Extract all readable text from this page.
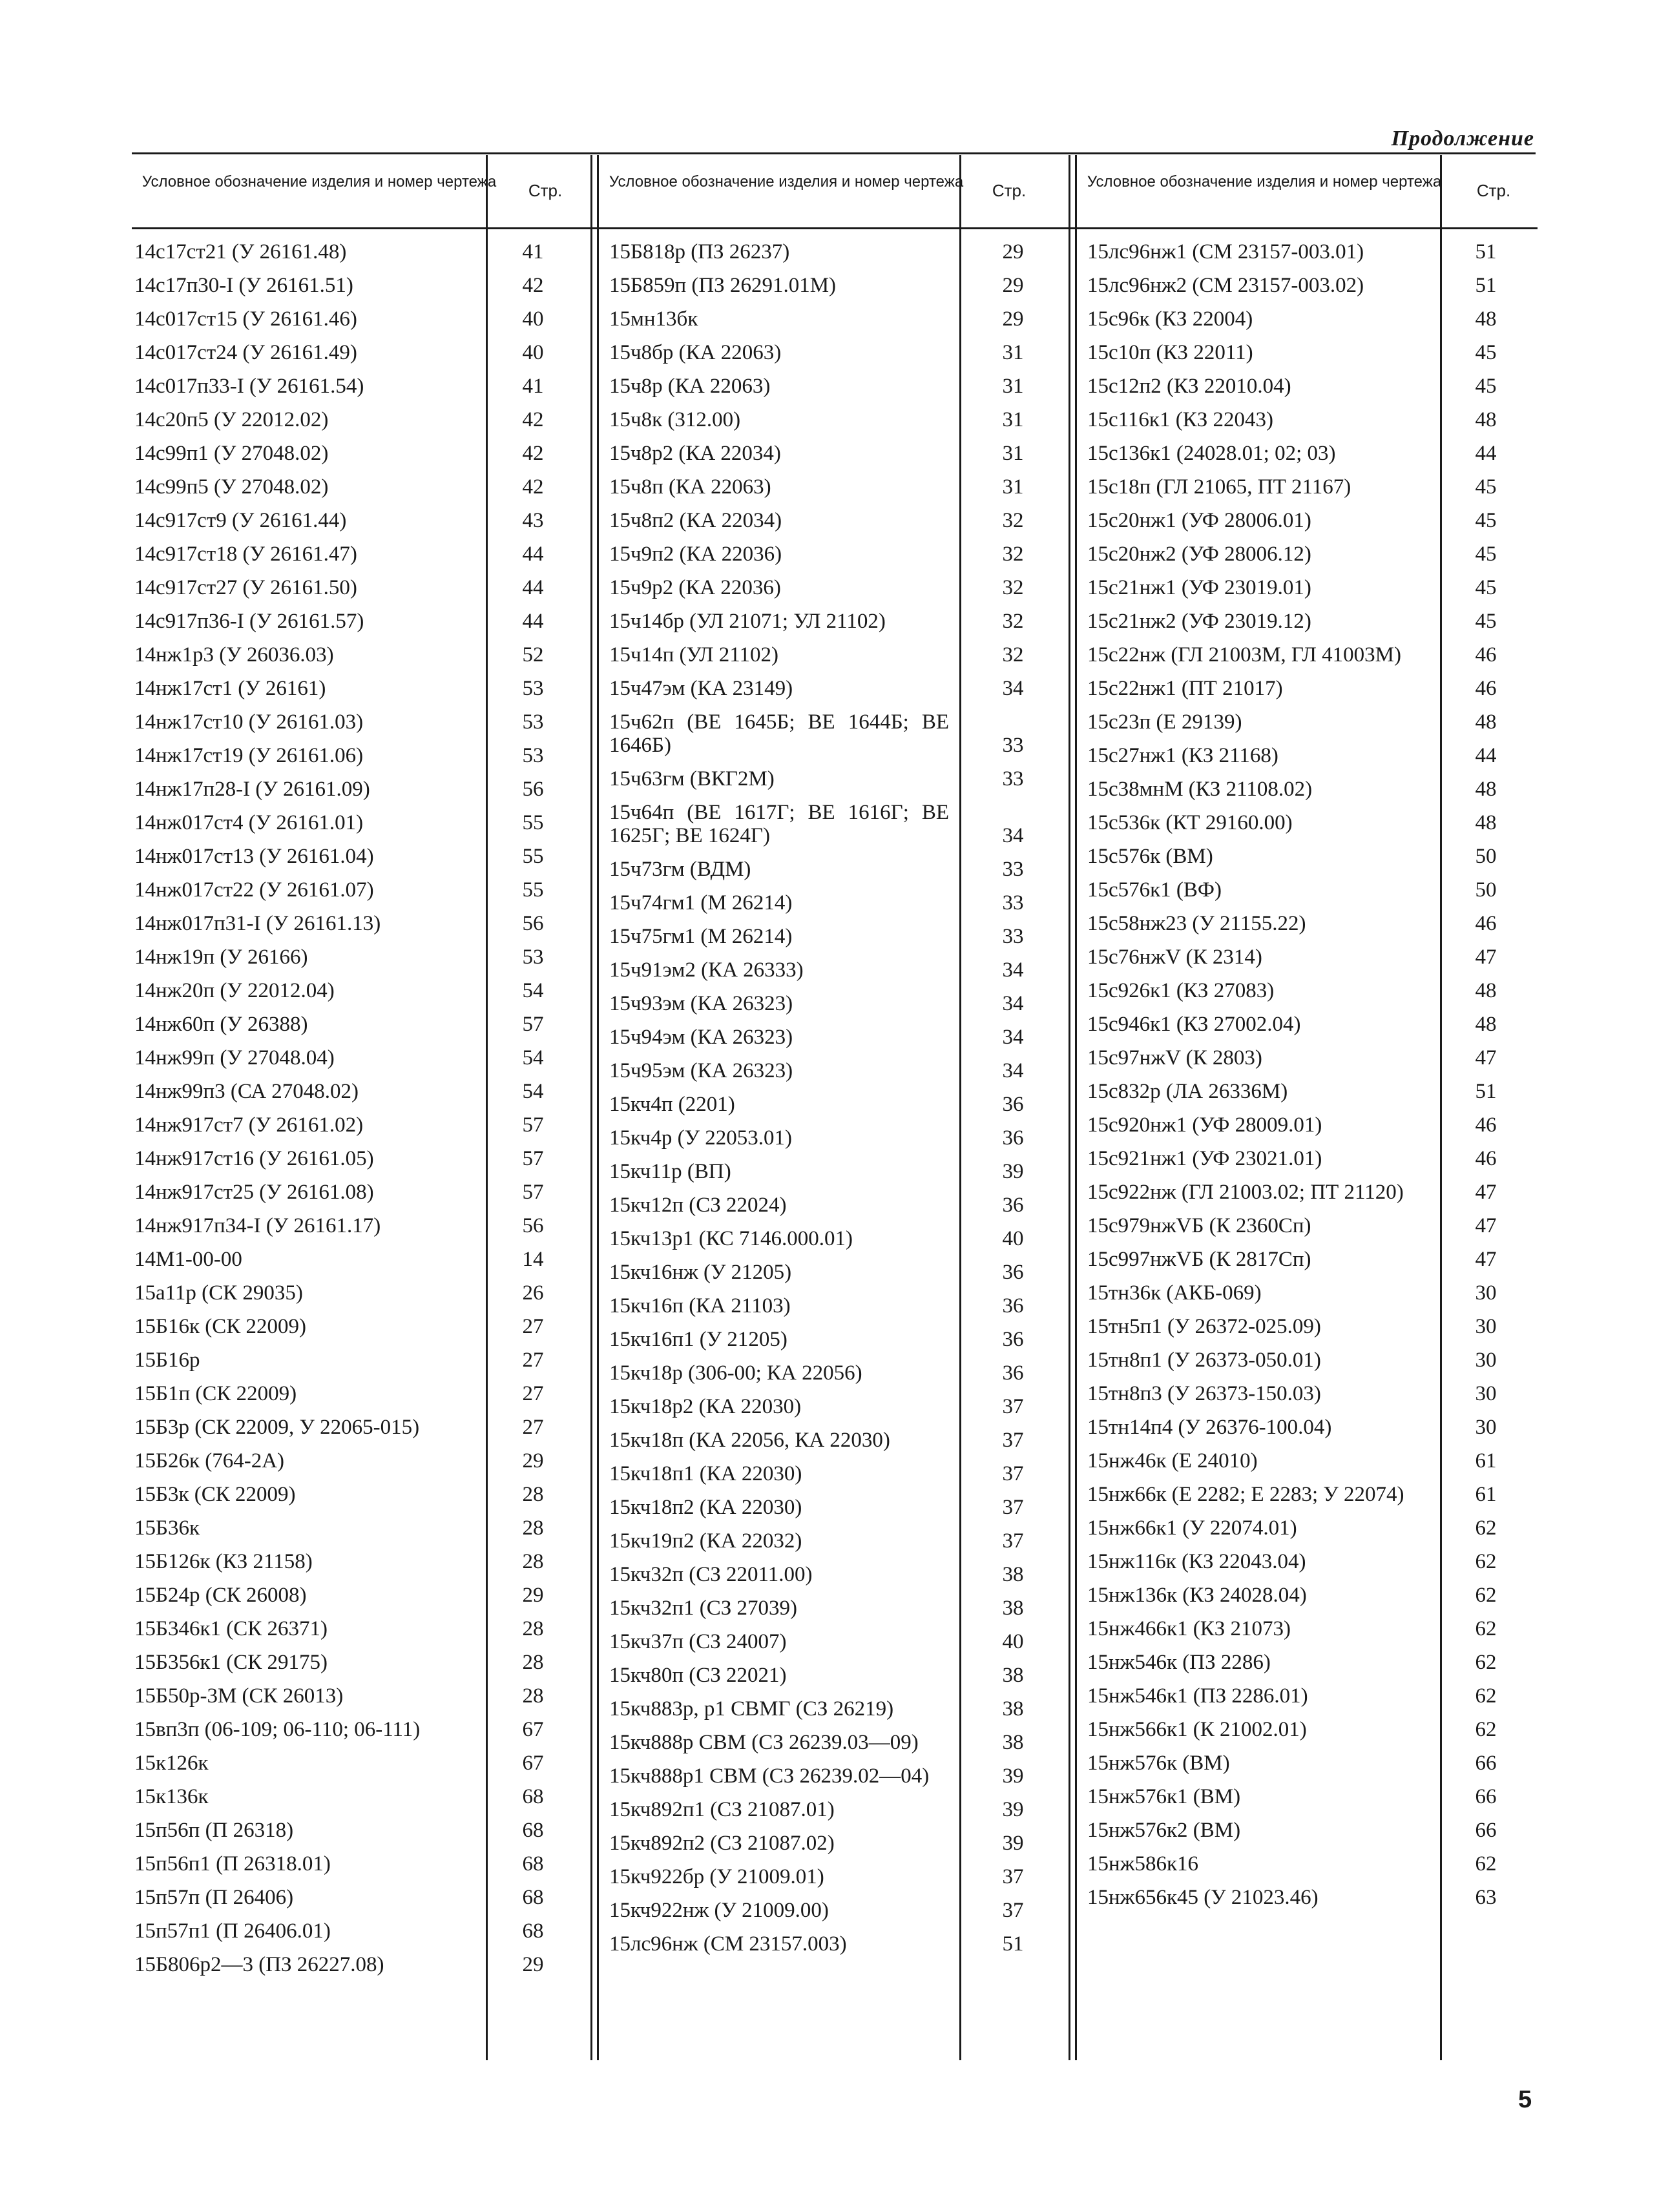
Продолжение
Условное обозначение изделия и номер чертежа	Стр.
14с17ст21 (У 26161.48)	41
14с17п30-I (У 26161.51)	42
14с017ст15 (У 26161.46)	40
14с017ст24 (У 26161.49)	40
14с017п33-I (У 26161.54)	41
14с20п5 (У 22012.02)	42
14с99п1 (У 27048.02)	42
14с99п5 (У 27048.02)	42
14с917ст9 (У 26161.44)	43
14с917ст18 (У 26161.47)	44
14с917ст27 (У 26161.50)	44
14с917п36-I (У 26161.57)	44
14нж1р3 (У 26036.03)	52
14нж17ст1 (У 26161)	53
14нж17ст10 (У 26161.03)	53
14нж17ст19 (У 26161.06)	53
14нж17п28-I (У 26161.09)	56
14нж017ст4 (У 26161.01)	55
14нж017ст13 (У 26161.04)	55
14нж017ст22 (У 26161.07)	55
14нж017п31-I (У 26161.13)	56
14нж19п (У 26166)	53
14нж20п (У 22012.04)	54
14нж60п (У 26388)	57
14нж99п (У 27048.04)	54
14нж99п3 (СА 27048.02)	54
14нж917ст7 (У 26161.02)	57
14нж917ст16 (У 26161.05)	57
14нж917ст25 (У 26161.08)	57
14нж917п34-I (У 26161.17)	56
14М1-00-00	14
15а11р (СК 29035)	26
15Б16к (СК 22009)	27
15Б16р	27
15Б1п (СК 22009)	27
15Б3р (СК 22009, У 22065-015)	27
15Б26к (764-2А)	29
15Б3к (СК 22009)	28
15Б36к	28
15Б126к (КЗ 21158)	28
15Б24р (СК 26008)	29
15Б346к1 (СК 26371)	28
15Б356к1 (СК 29175)	28
15Б50р-3М (СК 26013)	28
15вп3п (06-109; 06-110; 06-111)	67
15к126к	67
15к136к	68
15п56п (П 26318)	68
15п56п1 (П 26318.01)	68
15п57п (П 26406)	68
15п57п1 (П 26406.01)	68
15Б806р2—3 (ПЗ 26227.08)	29
Условное обозначение изделия и номер чертежа	Стр.
15Б818р (ПЗ 26237)	29
15Б859п (ПЗ 26291.01М)	29
15мн13бк	29
15ч8бр (КА 22063)	31
15ч8р (КА 22063)	31
15ч8к (312.00)	31
15ч8р2 (КА 22034)	31
15ч8п (КА 22063)	31
15ч8п2 (КА 22034)	32
15ч9п2 (КА 22036)	32
15ч9р2 (КА 22036)	32
15ч14бр (УЛ 21071; УЛ 21102)	32
15ч14п (УЛ 21102)	32
15ч47эм (КА 23149)	34
15ч62п (ВЕ 1645Б; ВЕ 1644Б; ВЕ 1646Б)	33
15ч63гм (ВКГ2М)	33
15ч64п (ВЕ 1617Г; ВЕ 1616Г; ВЕ 1625Г; ВЕ 1624Г)	34
15ч73гм (ВДМ)	33
15ч74гм1 (М 26214)	33
15ч75гм1 (М 26214)	33
15ч91эм2 (КА 26333)	34
15ч93эм (КА 26323)	34
15ч94эм (КА 26323)	34
15ч95эм (КА 26323)	34
15кч4п (2201)	36
15кч4р (У 22053.01)	36
15кч11р (ВП)	39
15кч12п (СЗ 22024)	36
15кч13р1 (КС 7146.000.01)	40
15кч16нж (У 21205)	36
15кч16п (КА 21103)	36
15кч16п1 (У 21205)	36
15кч18р (306-00; КА 22056)	36
15кч18р2 (КА 22030)	37
15кч18п (КА 22056, КА 22030)	37
15кч18п1 (КА 22030)	37
15кч18п2 (КА 22030)	37
15кч19п2 (КА 22032)	37
15кч32п (СЗ 22011.00)	38
15кч32п1 (СЗ 27039)	38
15кч37п (СЗ 24007)	40
15кч80п (СЗ 22021)	38
15кч883р, р1 СВМГ (СЗ 26219)	38
15кч888р СВМ (СЗ 26239.03—09)	38
15кч888р1 СВМ (СЗ 26239.02—04)	39
15кч892п1 (СЗ 21087.01)	39
15кч892п2 (СЗ 21087.02)	39
15кч922бр (У 21009.01)	37
15кч922нж (У 21009.00)	37
15лс96нж (СМ 23157.003)	51
Условное обозначение изделия и номер чертежа	Стр.
15лс96нж1 (СМ 23157-003.01)	51
15лс96нж2 (СМ 23157-003.02)	51
15с96к (КЗ 22004)	48
15с10п (КЗ 22011)	45
15с12п2 (КЗ 22010.04)	45
15с116к1 (КЗ 22043)	48
15с136к1 (24028.01; 02; 03)	44
15с18п (ГЛ 21065, ПТ 21167)	45
15с20нж1 (УФ 28006.01)	45
15с20нж2 (УФ 28006.12)	45
15с21нж1 (УФ 23019.01)	45
15с21нж2 (УФ 23019.12)	45
15с22нж (ГЛ 21003М, ГЛ 41003М)	46
15с22нж1 (ПТ 21017)	46
15с23п (Е 29139)	48
15с27нж1 (КЗ 21168)	44
15с38мнМ (КЗ 21108.02)	48
15с536к (КТ 29160.00)	48
15с576к (ВМ)	50
15с576к1 (ВФ)	50
15с58нж23 (У 21155.22)	46
15с76нжV (К 2314)	47
15с926к1 (КЗ 27083)	48
15с946к1 (КЗ 27002.04)	48
15с97нжV (К 2803)	47
15с832р (ЛА 26336М)	51
15с920нж1 (УФ 28009.01)	46
15с921нж1 (УФ 23021.01)	46
15с922нж (ГЛ 21003.02; ПТ 21120)	47
15с979нжVБ (К 2360Сп)	47
15с997нжVБ (К 2817Сп)	47
15тн36к (АКБ-069)	30
15тн5п1 (У 26372-025.09)	30
15тн8п1 (У 26373-050.01)	30
15тн8п3 (У 26373-150.03)	30
15тн14п4 (У 26376-100.04)	30
15нж46к (Е 24010)	61
15нж66к (Е 2282; Е 2283; У 22074)	61
15нж66к1 (У 22074.01)	62
15нж116к (КЗ 22043.04)	62
15нж136к (КЗ 24028.04)	62
15нж466к1 (КЗ 21073)	62
15нж546к (ПЗ 2286)	62
15нж546к1 (ПЗ 2286.01)	62
15нж566к1 (К 21002.01)	62
15нж576к (ВМ)	66
15нж576к1 (ВМ)	66
15нж576к2 (ВМ)	66
15нж586к16	62
15нж656к45 (У 21023.46)	63
5
